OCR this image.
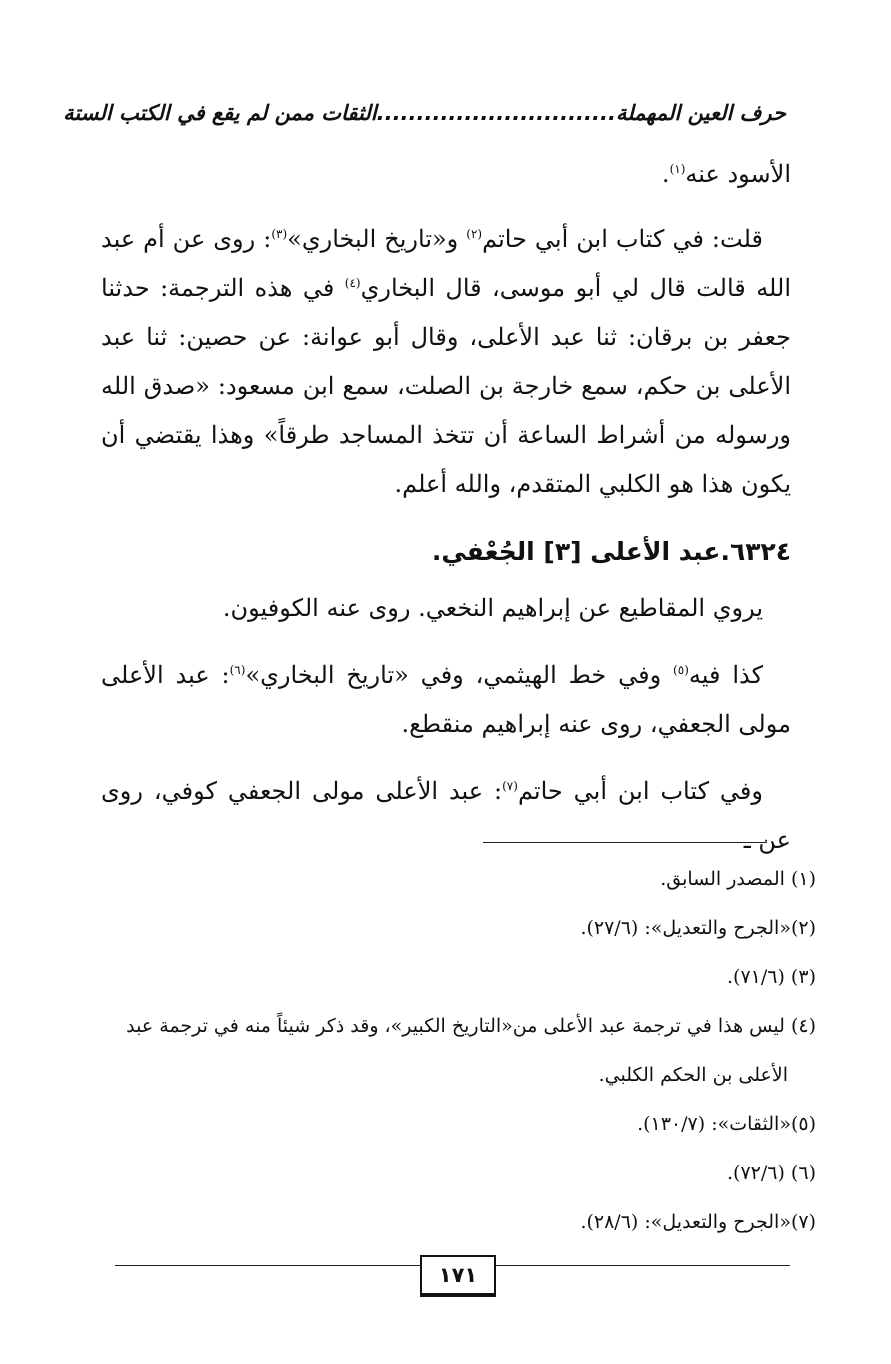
حرف العين المهملة..............................الثقات ممن لم يقع في الكتب الستة

الأسود عنه$^{(١)}$.

قلت: في كتاب ابن أبي حاتم$^{(٢)}$ و«تاريخ البخاري»$^{(٣)}$: روى عن أم عبد الله قالت قال لي أبو موسى، قال البخاري$^{(٤)}$ في هذه الترجمة: حدثنا جعفر بن برقان: ثنا عبد الأعلى، وقال أبو عوانة: عن حصين: ثنا عبد الأعلى بن حكم، سمع خارجة بن الصلت، سمع ابن مسعود: «صدق الله ورسوله من أشراط الساعة أن تتخذ المساجد طرقاً» وهذا يقتضي أن يكون هذا هو الكلبي المتقدم، والله أعلم.

٦٣٢٤.عبد الأعلى [٣] الجُعْفي.

يروي المقاطيع عن إبراهيم النخعي. روى عنه الكوفيون.

كذا فيه$^{(٥)}$ وفي خط الهيثمي، وفي «تاريخ البخاري»$^{(٦)}$: عبد الأعلى مولى الجعفي، روى عنه إبراهيم منقطع.

وفي كتاب ابن أبي حاتم$^{(٧)}$: عبد الأعلى مولى الجعفي كوفي، روى عن ـ

(١) المصدر السابق.

(٢)«الجرح والتعديل»: (٢٧/٦).

(٣) (٧١/٦).

(٤) ليس هذا في ترجمة عبد الأعلى من«التاريخ الكبير»، وقد ذكر شيئاً منه في ترجمة عبد

الأعلى بن الحكم الكلبي.

(٥)«الثقات»: (١٣٠/٧).

(٦) (٧٢/٦).

(٧)«الجرح والتعديل»: (٢٨/٦).

١٧١
